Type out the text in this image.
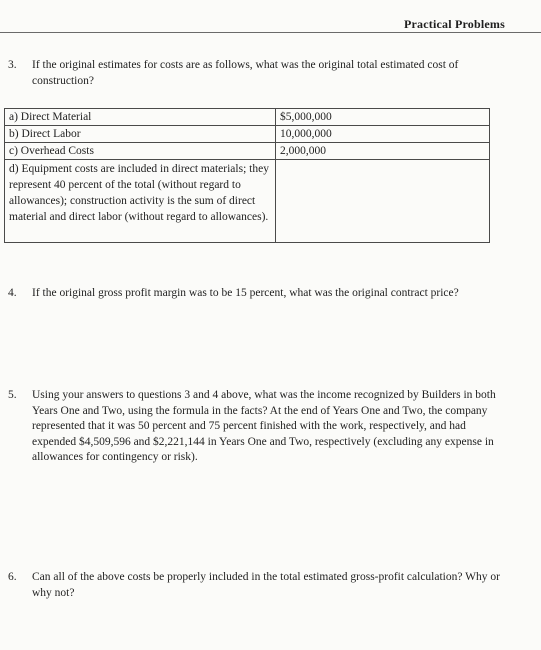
Practical Problems
3.	If the original estimates for costs are as follows, what was the original total estimated cost of construction?
a) Direct Material	$5,000,000
b) Direct Labor	10,000,000
c) Overhead Costs	2,000,000
d) Equipment costs are included in direct materials; they represent 40 percent of the total (without regard to allowances); construction activity is the sum of direct material and direct labor (without regard to allowances).	
4.	If the original gross profit margin was to be 15 percent, what was the original contract price?
5.	Using your answers to questions 3 and 4 above, what was the income recognized by Builders in both Years One and Two, using the formula in the facts? At the end of Years One and Two, the company represented that it was 50 percent and 75 percent finished with the work, respectively, and had expended $4,509,596 and $2,221,144 in Years One and Two, respectively (excluding any expense in allowances for contingency or risk).
6.	Can all of the above costs be properly included in the total estimated gross-profit calculation? Why or why not?
